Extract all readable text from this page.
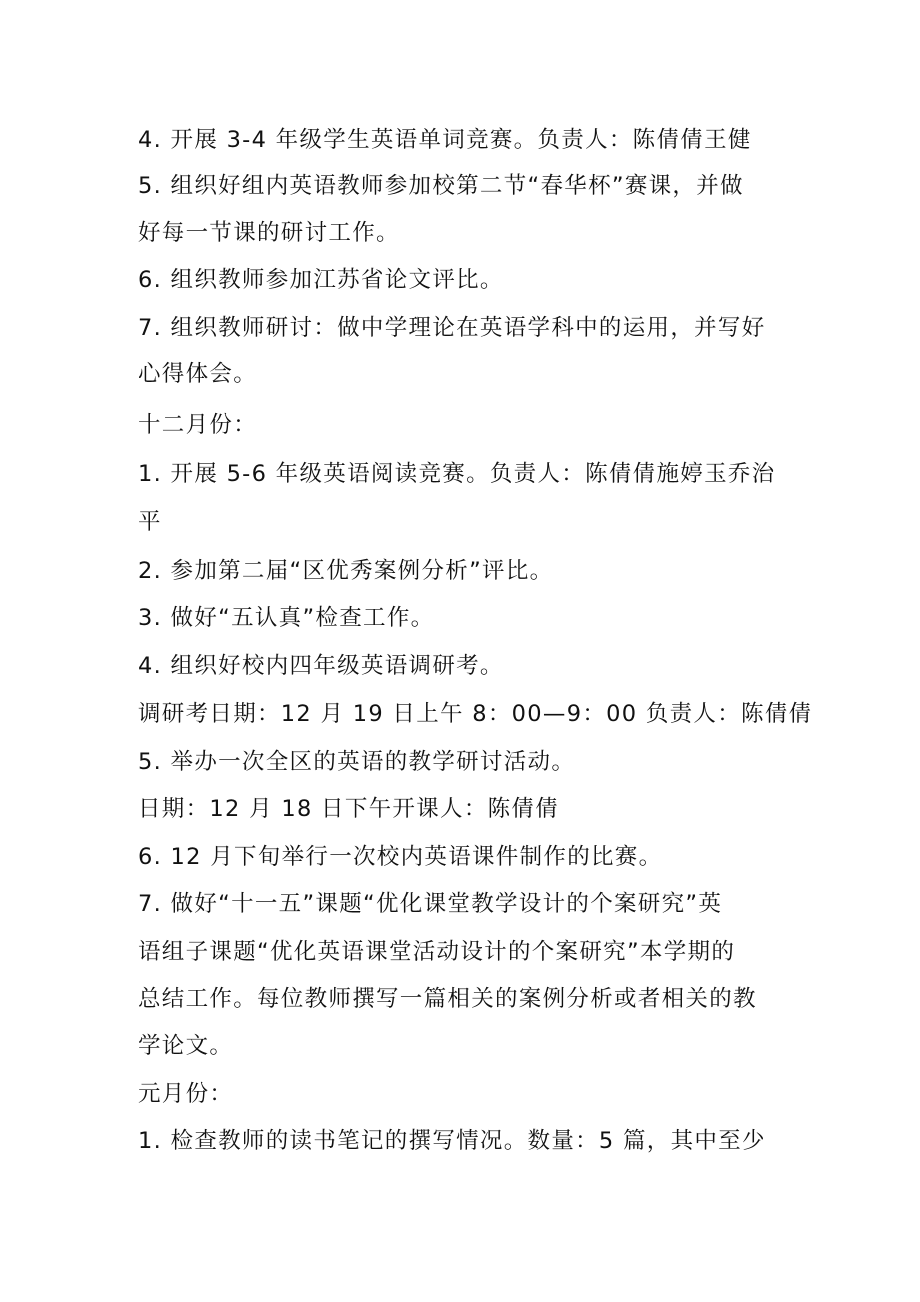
4. 开展 3-4 年级学生英语单词竞赛。负责人：陈倩倩王健
5. 组织好组内英语教师参加校第二节“春华杯”赛课，并做
好每一节课的研讨工作。
6. 组织教师参加江苏省论文评比。
7. 组织教师研讨：做中学理论在英语学科中的运用，并写好
心得体会。
十二月份：
1. 开展 5-6 年级英语阅读竞赛。负责人：陈倩倩施婷玉乔治
平
2. 参加第二届“区优秀案例分析”评比。
3. 做好“五认真”检查工作。
4. 组织好校内四年级英语调研考。
调研考日期：12 月 19 日上午 8：00—9：00 负责人：陈倩倩
5. 举办一次全区的英语的教学研讨活动。
日期：12 月 18 日下午开课人：陈倩倩
6. 12 月下旬举行一次校内英语课件制作的比赛。
7. 做好“十一五”课题“优化课堂教学设计的个案研究”英
语组子课题“优化英语课堂活动设计的个案研究”本学期的
总结工作。每位教师撰写一篇相关的案例分析或者相关的教
学论文。
元月份：
1. 检查教师的读书笔记的撰写情况。数量：5 篇，其中至少
